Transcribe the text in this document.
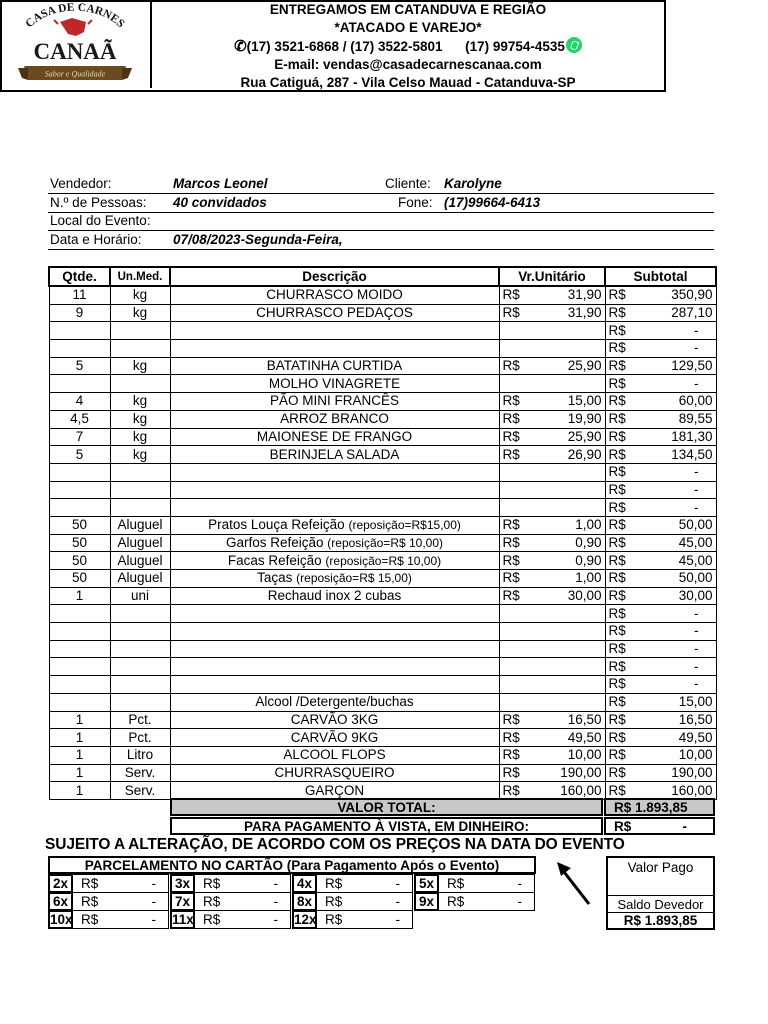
CASA DE CARNES
CANAÃ
Sabor e Qualidade
ENTREGAMOS EM CATANDUVA E REGIÃO
*ATACADO E VAREJO*
✆(17) 3521-6868 / (17) 3522-5801 (17) 99754-4535
E-mail: vendas@casadecarnescanaa.com
Rua Catiguá, 287 - Vila Celso Mauad - Catanduva-SP
Vendedor:	Marcos Leonel	Cliente: Karolyne
N.º de Pessoas: 40 convidados	Fone: (17)99664-6413
Local do Evento:
Data e Horário: 07/08/2023-Segunda-Feira,
Qtde.	Un.Med.	Descrição	Vr.Unitário	Subtotal
11	kg	CHURRASCO MOIDO	R$ 31,90	R$ 350,90

9	kg	CHURRASCO PEDAÇOS	R$ 31,90	R$ 287,10

				R$ -

				R$ -

5	kg	BATATINHA CURTIDA	R$ 25,90	R$ 129,50

		MOLHO VINAGRETE		R$ -

4	kg	PÃO MINI FRANCÊS	R$ 15,00	R$ 60,00

4,5	kg	ARROZ BRANCO	R$ 19,90	R$ 89,55

7	kg	MAIONESE DE FRANGO	R$ 25,90	R$ 181,30

5	kg	BERINJELA SALADA	R$ 26,90	R$ 134,50

				R$ -

				R$ -

				R$ -

50	Aluguel	Pratos Louça Refeição (reposição=R$15,00)	R$ 1,00	R$ 50,00

50	Aluguel	Garfos Refeição (reposição=R$ 10,00)	R$ 0,90	R$ 45,00

50	Aluguel	Facas Refeição (reposição=R$ 10,00)	R$ 0,90	R$ 45,00

50	Aluguel	Taças (reposição=R$ 15,00)	R$ 1,00	R$ 50,00

1	uni	Rechaud inox 2 cubas	R$ 30,00	R$ 30,00

				R$ -

				R$ -

				R$ -

				R$ -

				R$ -

		Alcool /Detergente/buchas		R$ 15,00

1	Pct.	CARVÃO 3KG	R$ 16,50	R$ 16,50

1	Pct.	CARVÃO 9KG	R$ 49,50	R$ 49,50

1	Litro	ALCOOL FLOPS	R$ 10,00	R$ 10,00

1	Serv.	CHURRASQUEIRO	R$ 190,00	R$ 190,00

1	Serv.	GARÇON	R$ 160,00	R$ 160,00
VALOR TOTAL:	R$ 1.893,85
PARA PAGAMENTO À VISTA, EM DINHEIRO:	R$	-
SUJEITO A ALTERAÇÃO, DE ACORDO COM OS PREÇOS NA DATA DO EVENTO
PARCELAMENTO NO CARTÃO (Para Pagamento Após o Evento)
2x R$	-	3x R$	-	4x R$	-	5x R$	-
6x R$	-	7x R$	-	8x R$	-	9x R$	-
10x R$	-	11x R$	-	12x R$	-
Valor Pago
Saldo Devedor
R$ 1.893,85
